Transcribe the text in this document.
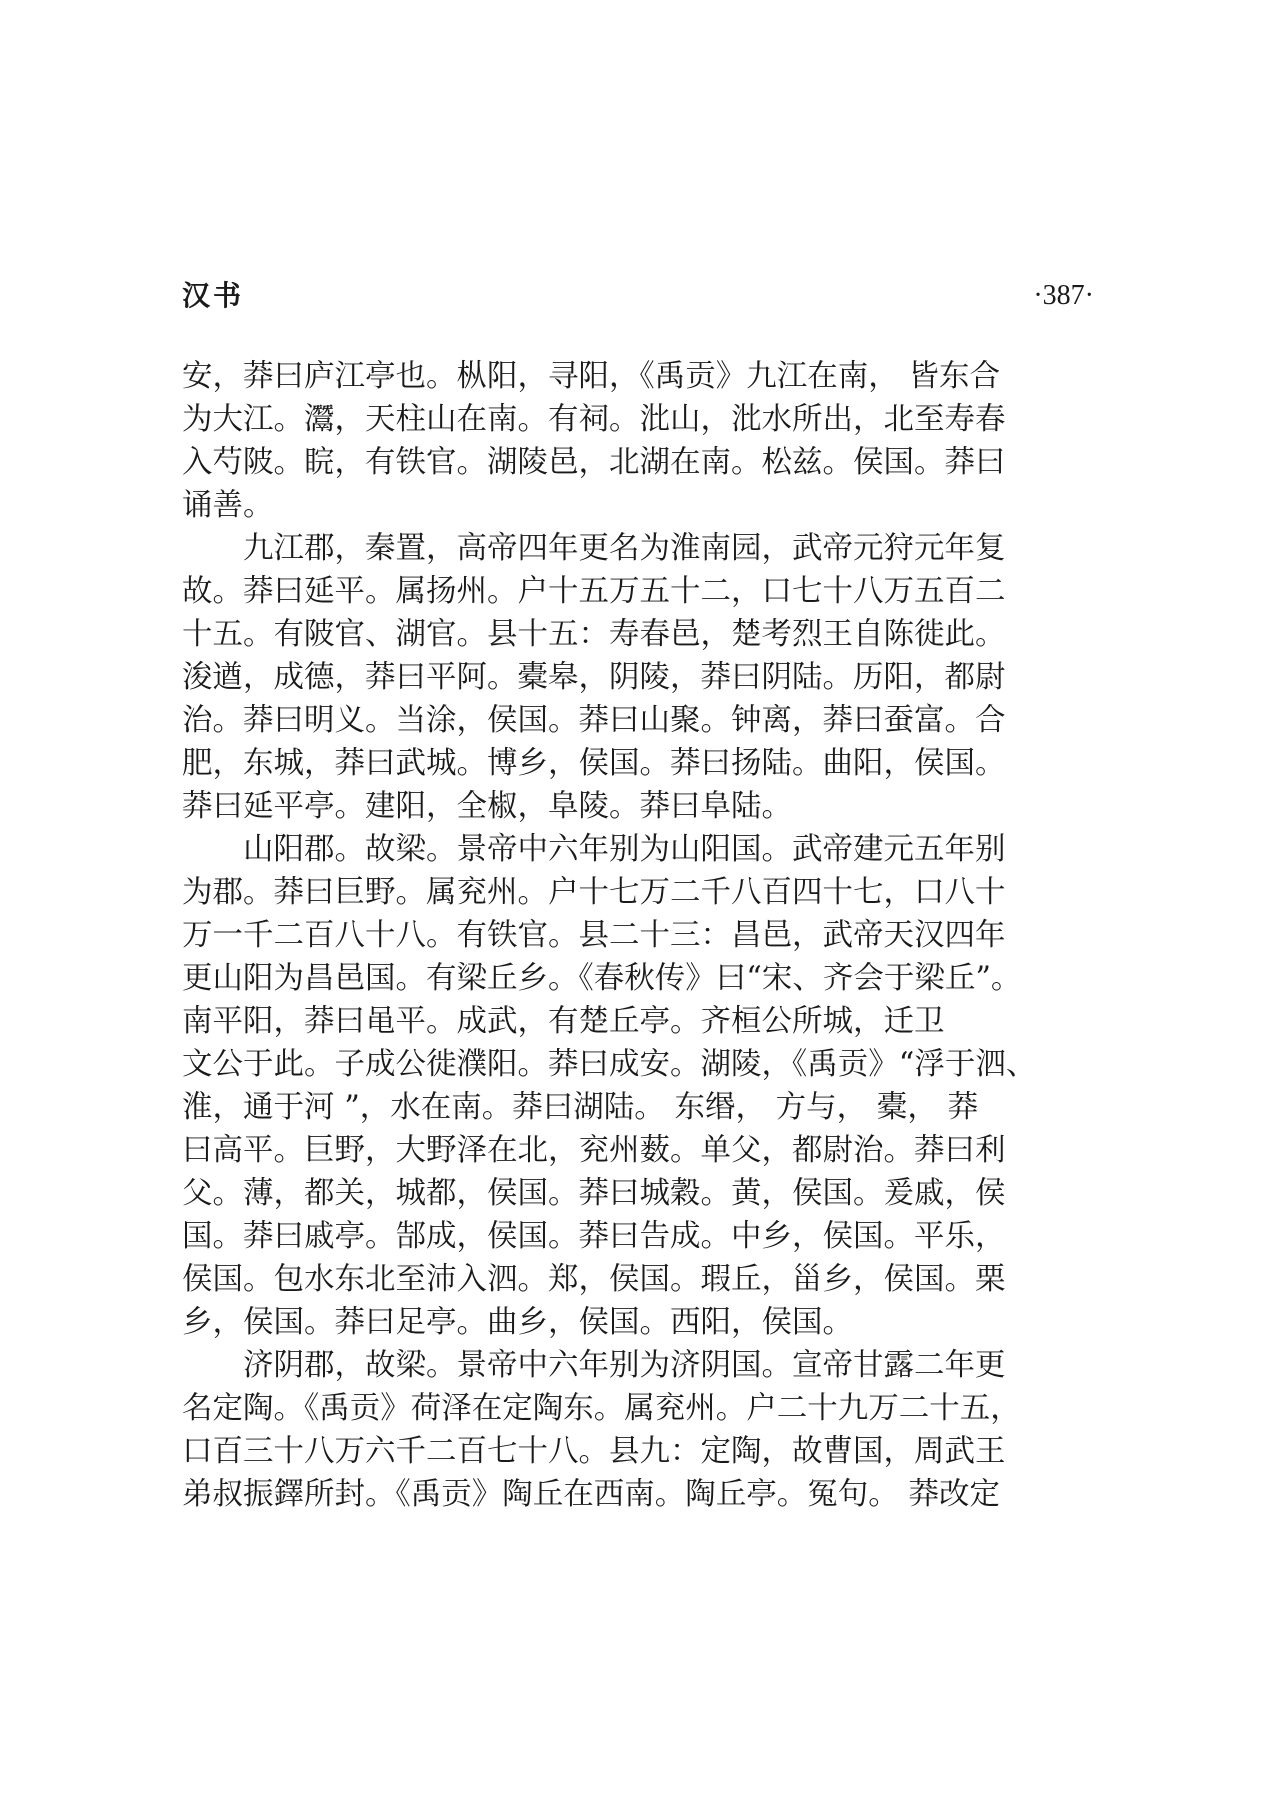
汉书	·387·
安，莽曰庐江亭也。枞阳，寻阳，《禹贡》九江在南， 皆东合
为大江。灊，天柱山在南。有祠。沘山，沘水所出，北至寿春
入芍陂。睆，有铁官。湖陵邑，北湖在南。松兹。侯国。莽曰
诵善。
九江郡，秦置，高帝四年更名为淮南园，武帝元狩元年复
故。莽曰延平。属扬州。户十五万五十二，口七十八万五百二
十五。有陂官、湖官。县十五：寿春邑，楚考烈王自陈徙此。
浚遒，成德，莽曰平阿。橐皋，阴陵，莽曰阴陆。历阳，都尉
治。莽曰明义。当涂，侯国。莽曰山聚。钟离，莽曰蚕富。合
肥，东城，莽曰武城。博乡，侯国。莽曰扬陆。曲阳，侯国。
莽曰延平亭。建阳，全椒，阜陵。莽曰阜陆。
山阳郡。故梁。景帝中六年别为山阳国。武帝建元五年别
为郡。莽曰巨野。属兖州。户十七万二千八百四十七，口八十
万一千二百八十八。有铁官。县二十三：昌邑，武帝天汉四年
更山阳为昌邑国。有梁丘乡。《春秋传》曰“宋、齐会于梁丘”。
南平阳，莽曰黾平。成武，有楚丘亭。齐桓公所城，迁卫
文公于此。子成公徙濮阳。莽曰成安。湖陵，《禹贡》“浮于泗、
淮，通于河 ”，水在南。莽曰湖陆。 东缗， 方与， 橐， 莽
曰高平。巨野，大野泽在北，兖州薮。单父，都尉治。莽曰利
父。薄，都关，城都，侯国。莽曰城穀。黄，侯国。爰戚，侯
国。莽曰戚亭。郜成，侯国。莽曰告成。中乡，侯国。平乐，
侯国。包水东北至沛入泗。郑，侯国。瑕丘，甾乡，侯国。栗
乡，侯国。莽曰足亭。曲乡，侯国。西阳，侯国。
济阴郡，故梁。景帝中六年别为济阴国。宣帝甘露二年更
名定陶。《禹贡》荷泽在定陶东。属兖州。户二十九万二十五，
口百三十八万六千二百七十八。县九：定陶，故曹国，周武王
弟叔振鐸所封。《禹贡》陶丘在西南。陶丘亭。冤句。 莽改定
